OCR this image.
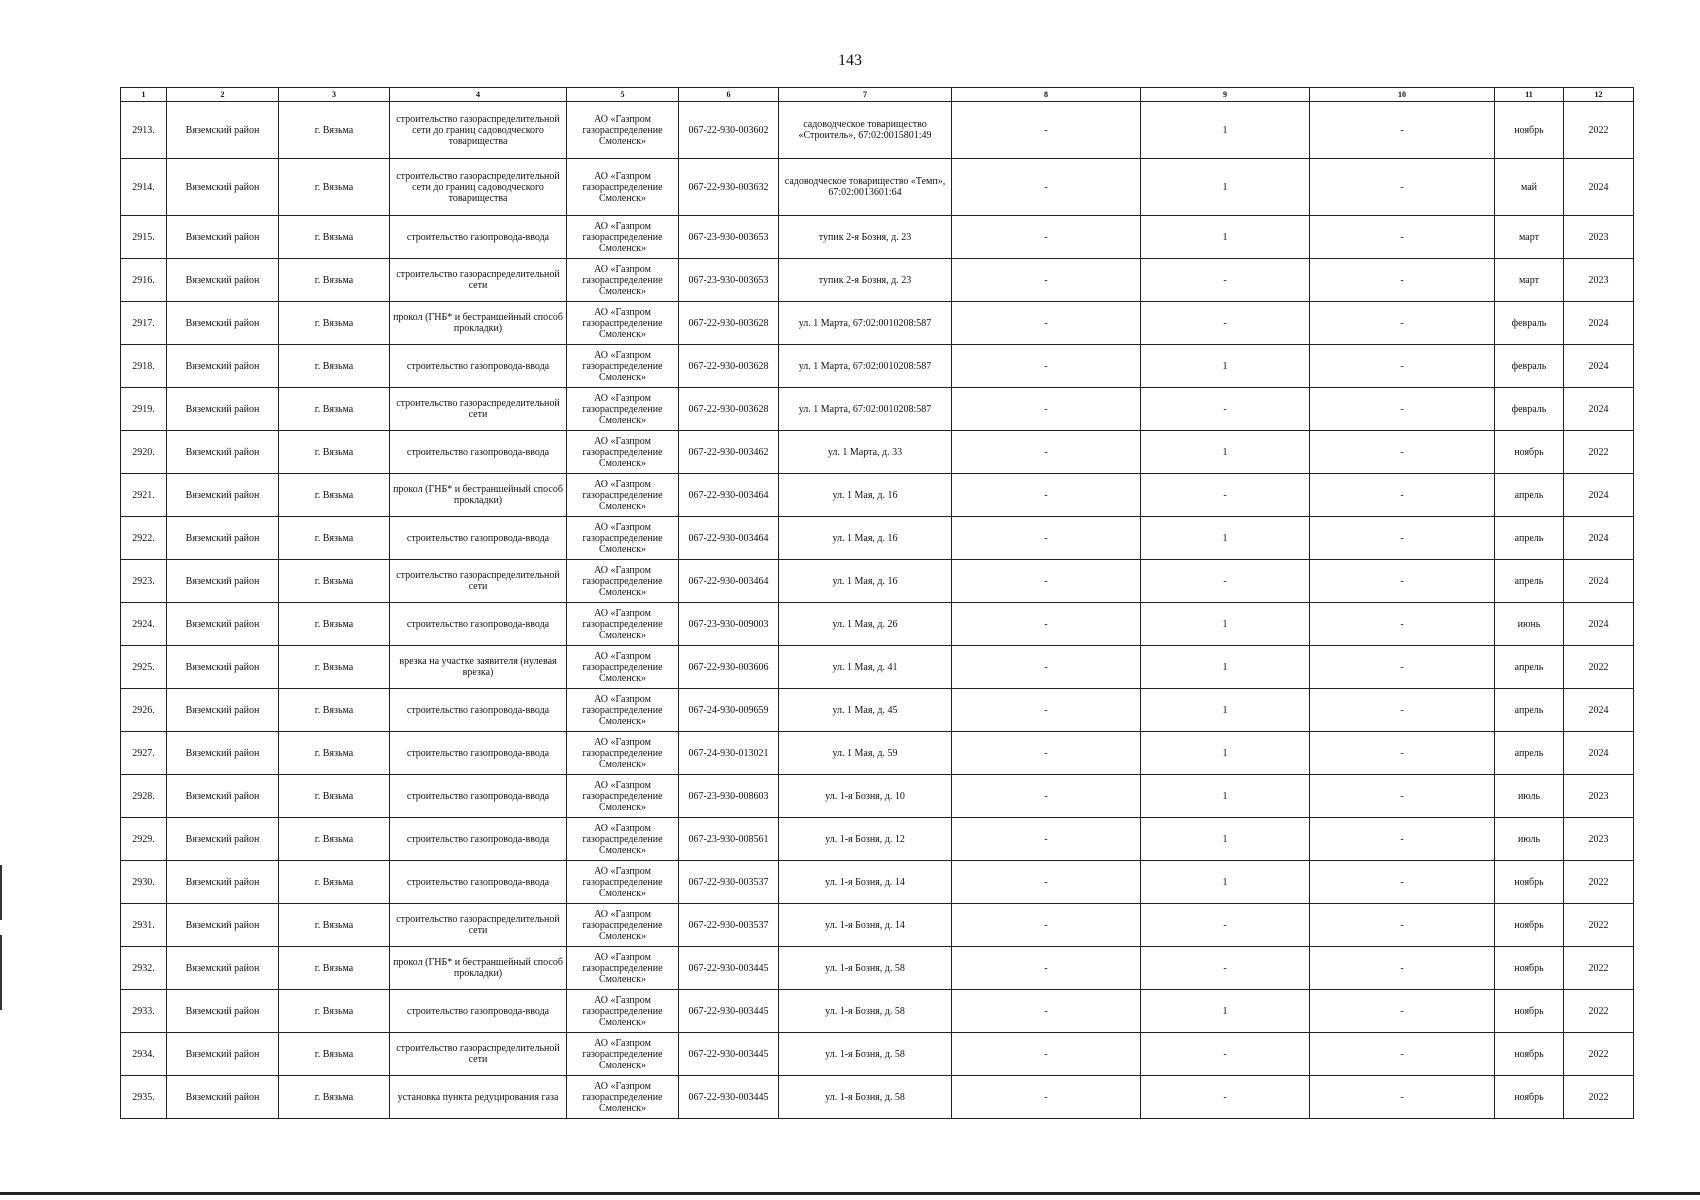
143
1	2	3	4	5	6	7	8	9	10	11	12
2913.	Вяземский район	г. Вязьма	строительство газораспределительной сети до границ садоводческого товарищества	АО «Газпром газораспределение Смоленск»	067-22-930-003602	садоводческое товарищество «Строитель», 67:02:0015801:49	-	1	-	ноябрь	2022
2914.	Вяземский район	г. Вязьма	строительство газораспределительной сети до границ садоводческого товарищества	АО «Газпром газораспределение Смоленск»	067-22-930-003632	садоводческое товарищество «Темп», 67:02:0013601:64	-	1	-	май	2024
2915.	Вяземский район	г. Вязьма	строительство газопровода-ввода	АО «Газпром газораспределение Смоленск»	067-23-930-003653	тупик 2-я Бозня, д. 23	-	1	-	март	2023
2916.	Вяземский район	г. Вязьма	строительство газораспределительной сети	АО «Газпром газораспределение Смоленск»	067-23-930-003653	тупик 2-я Бозня, д. 23	-	-	-	март	2023
2917.	Вяземский район	г. Вязьма	прокол (ГНБ* и бестраншейный способ прокладки)	АО «Газпром газораспределение Смоленск»	067-22-930-003628	ул. 1 Марта, 67:02:0010208:587	-	-	-	февраль	2024
2918.	Вяземский район	г. Вязьма	строительство газопровода-ввода	АО «Газпром газораспределение Смоленск»	067-22-930-003628	ул. 1 Марта, 67:02:0010208:587	-	1	-	февраль	2024
2919.	Вяземский район	г. Вязьма	строительство газораспределительной сети	АО «Газпром газораспределение Смоленск»	067-22-930-003628	ул. 1 Марта, 67:02:0010208:587	-	-	-	февраль	2024
2920.	Вяземский район	г. Вязьма	строительство газопровода-ввода	АО «Газпром газораспределение Смоленск»	067-22-930-003462	ул. 1 Марта, д. 33	-	1	-	ноябрь	2022
2921.	Вяземский район	г. Вязьма	прокол (ГНБ* и бестраншейный способ прокладки)	АО «Газпром газораспределение Смоленск»	067-22-930-003464	ул. 1 Мая, д. 16	-	-	-	апрель	2024
2922.	Вяземский район	г. Вязьма	строительство газопровода-ввода	АО «Газпром газораспределение Смоленск»	067-22-930-003464	ул. 1 Мая, д. 16	-	1	-	апрель	2024
2923.	Вяземский район	г. Вязьма	строительство газораспределительной сети	АО «Газпром газораспределение Смоленск»	067-22-930-003464	ул. 1 Мая, д. 16	-	-	-	апрель	2024
2924.	Вяземский район	г. Вязьма	строительство газопровода-ввода	АО «Газпром газораспределение Смоленск»	067-23-930-009003	ул. 1 Мая, д. 26	-	1	-	июнь	2024
2925.	Вяземский район	г. Вязьма	врезка на участке заявителя (нулевая врезка)	АО «Газпром газораспределение Смоленск»	067-22-930-003606	ул. 1 Мая, д. 41	-	1	-	апрель	2022
2926.	Вяземский район	г. Вязьма	строительство газопровода-ввода	АО «Газпром газораспределение Смоленск»	067-24-930-009659	ул. 1 Мая, д. 45	-	1	-	апрель	2024
2927.	Вяземский район	г. Вязьма	строительство газопровода-ввода	АО «Газпром газораспределение Смоленск»	067-24-930-013021	ул. 1 Мая, д. 59	-	1	-	апрель	2024
2928.	Вяземский район	г. Вязьма	строительство газопровода-ввода	АО «Газпром газораспределение Смоленск»	067-23-930-008603	ул. 1-я Бозня, д. 10	-	1	-	июль	2023
2929.	Вяземский район	г. Вязьма	строительство газопровода-ввода	АО «Газпром газораспределение Смоленск»	067-23-930-008561	ул. 1-я Бозня, д. 12	-	1	-	июль	2023
2930.	Вяземский район	г. Вязьма	строительство газопровода-ввода	АО «Газпром газораспределение Смоленск»	067-22-930-003537	ул. 1-я Бозня, д. 14	-	1	-	ноябрь	2022
2931.	Вяземский район	г. Вязьма	строительство газораспределительной сети	АО «Газпром газораспределение Смоленск»	067-22-930-003537	ул. 1-я Бозня, д. 14	-	-	-	ноябрь	2022
2932.	Вяземский район	г. Вязьма	прокол (ГНБ* и бестраншейный способ прокладки)	АО «Газпром газораспределение Смоленск»	067-22-930-003445	ул. 1-я Бозня, д. 58	-	-	-	ноябрь	2022
2933.	Вяземский район	г. Вязьма	строительство газопровода-ввода	АО «Газпром газораспределение Смоленск»	067-22-930-003445	ул. 1-я Бозня, д. 58	-	1	-	ноябрь	2022
2934.	Вяземский район	г. Вязьма	строительство газораспределительной сети	АО «Газпром газораспределение Смоленск»	067-22-930-003445	ул. 1-я Бозня, д. 58	-	-	-	ноябрь	2022
2935.	Вяземский район	г. Вязьма	установка пункта редуцирования газа	АО «Газпром газораспределение Смоленск»	067-22-930-003445	ул. 1-я Бозня, д. 58	-	-	-	ноябрь	2022
